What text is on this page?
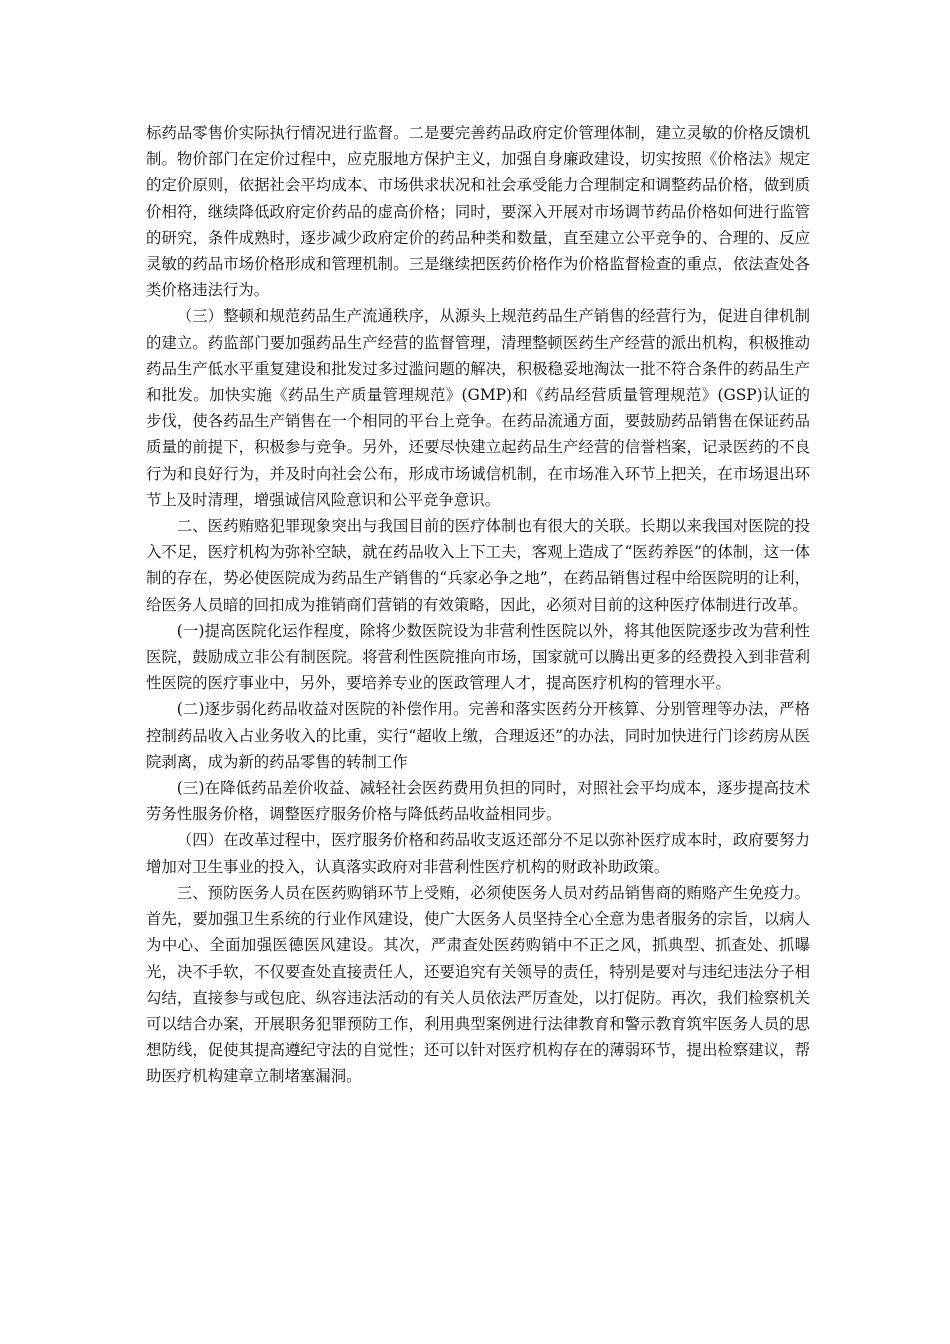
标药品零售价实际执行情况进行监督。二是要完善药品政府定价管理体制，建立灵敏的价格反馈机制。物价部门在定价过程中，应克服地方保护主义，加强自身廉政建设，切实按照《价格法》规定的定价原则，依据社会平均成本、市场供求状况和社会承受能力合理制定和调整药品价格，做到质价相符，继续降低政府定价药品的虚高价格；同时，要深入开展对市场调节药品价格如何进行监管的研究，条件成熟时，逐步减少政府定价的药品种类和数量，直至建立公平竞争的、合理的、反应灵敏的药品市场价格形成和管理机制。三是继续把医药价格作为价格监督检查的重点，依法查处各类价格违法行为。

（三）整顿和规范药品生产流通秩序，从源头上规范药品生产销售的经营行为，促进自律机制的建立。药监部门要加强药品生产经营的监督管理，清理整顿医药生产经营的派出机构，积极推动药品生产低水平重复建设和批发过多过滥问题的解决，积极稳妥地淘汰一批不符合条件的药品生产和批发。加快实施《药品生产质量管理规范》(GMP)和《药品经营质量管理规范》(GSP)认证的步伐，使各药品生产销售在一个相同的平台上竞争。在药品流通方面，要鼓励药品销售在保证药品质量的前提下，积极参与竞争。另外，还要尽快建立起药品生产经营的信誉档案，记录医药的不良行为和良好行为，并及时向社会公布，形成市场诚信机制，在市场准入环节上把关，在市场退出环节上及时清理，增强诚信风险意识和公平竞争意识。

二、医药贿赂犯罪现象突出与我国目前的医疗体制也有很大的关联。长期以来我国对医院的投入不足，医疗机构为弥补空缺，就在药品收入上下工夫，客观上造成了“医药养医”的体制，这一体制的存在，势必使医院成为药品生产销售的“兵家必争之地”，在药品销售过程中给医院明的让利，给医务人员暗的回扣成为推销商们营销的有效策略，因此，必须对目前的这种医疗体制进行改革。

(一)提高医院化运作程度，除将少数医院设为非营利性医院以外，将其他医院逐步改为营利性医院，鼓励成立非公有制医院。将营利性医院推向市场，国家就可以腾出更多的经费投入到非营利性医院的医疗事业中，另外，要培养专业的医政管理人才，提高医疗机构的管理水平。

(二)逐步弱化药品收益对医院的补偿作用。完善和落实医药分开核算、分别管理等办法，严格控制药品收入占业务收入的比重，实行“超收上缴，合理返还”的办法，同时加快进行门诊药房从医院剥离，成为新的药品零售的转制工作

(三)在降低药品差价收益、减轻社会医药费用负担的同时，对照社会平均成本，逐步提高技术劳务性服务价格，调整医疗服务价格与降低药品收益相同步。

（四）在改革过程中，医疗服务价格和药品收支返还部分不足以弥补医疗成本时，政府要努力增加对卫生事业的投入，认真落实政府对非营利性医疗机构的财政补助政策。

三、预防医务人员在医药购销环节上受贿，必须使医务人员对药品销售商的贿赂产生免疫力。首先，要加强卫生系统的行业作风建设，使广大医务人员坚持全心全意为患者服务的宗旨，以病人为中心、全面加强医德医风建设。其次，严肃查处医药购销中不正之风，抓典型、抓查处、抓曝光，决不手软，不仅要查处直接责任人，还要追究有关领导的责任，特别是要对与违纪违法分子相勾结，直接参与或包庇、纵容违法活动的有关人员依法严厉查处，以打促防。再次，我们检察机关可以结合办案，开展职务犯罪预防工作，利用典型案例进行法律教育和警示教育筑牢医务人员的思想防线，促使其提高遵纪守法的自觉性；还可以针对医疗机构存在的薄弱环节，提出检察建议，帮助医疗机构建章立制堵塞漏洞。
